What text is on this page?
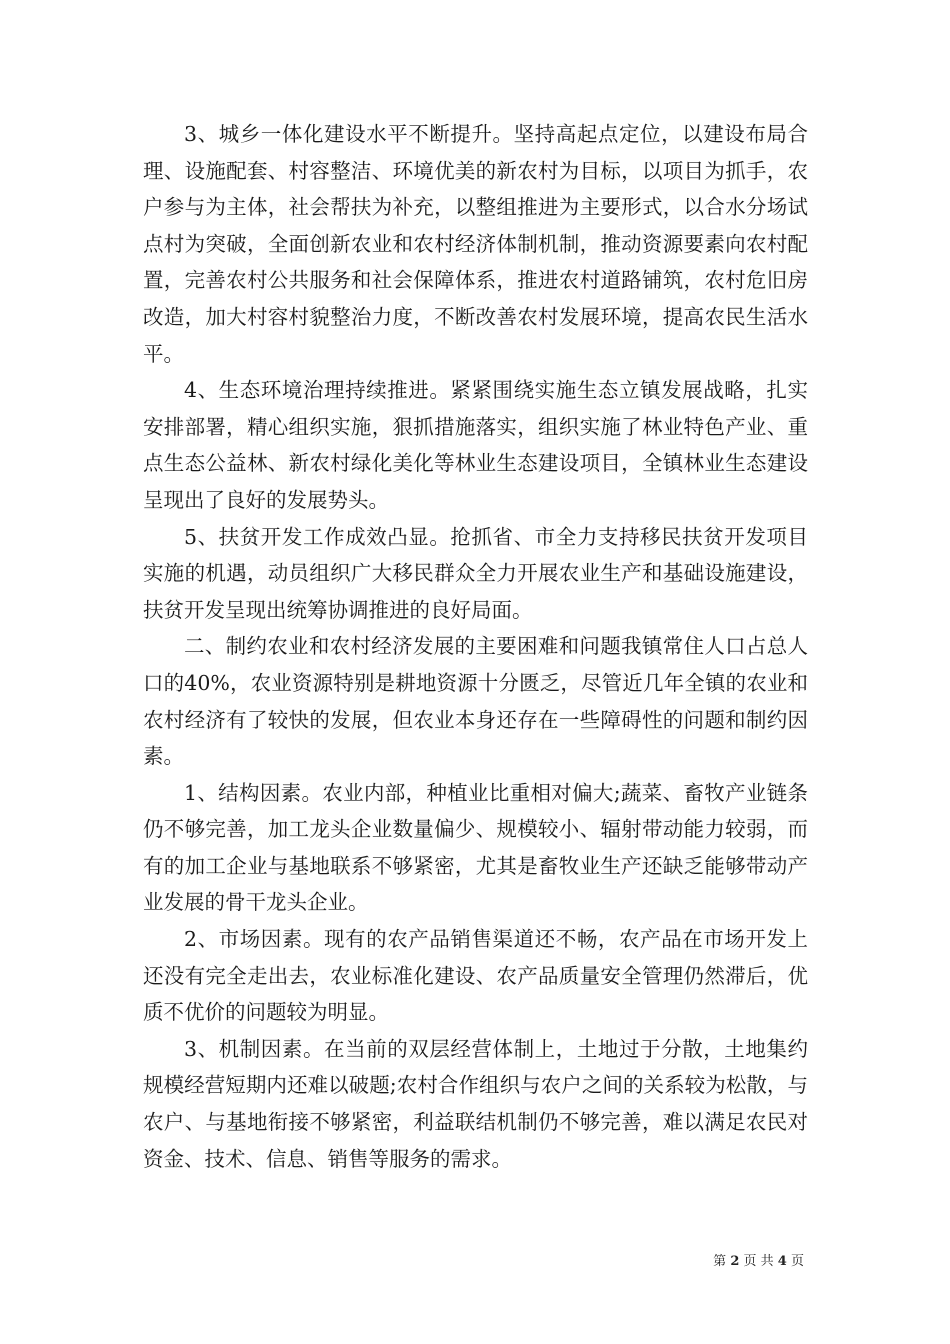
3、城乡一体化建设水平不断提升。坚持高起点定位，以建设布局合理、设施配套、村容整洁、环境优美的新农村为目标，以项目为抓手，农户参与为主体，社会帮扶为补充，以整组推进为主要形式，以合水分场试点村为突破，全面创新农业和农村经济体制机制，推动资源要素向农村配置，完善农村公共服务和社会保障体系，推进农村道路铺筑，农村危旧房改造，加大村容村貌整治力度，不断改善农村发展环境，提高农民生活水平。

4、生态环境治理持续推进。紧紧围绕实施生态立镇发展战略，扎实安排部署，精心组织实施，狠抓措施落实，组织实施了林业特色产业、重点生态公益林、新农村绿化美化等林业生态建设项目，全镇林业生态建设呈现出了良好的发展势头。

5、扶贫开发工作成效凸显。抢抓省、市全力支持移民扶贫开发项目实施的机遇，动员组织广大移民群众全力开展农业生产和基础设施建设，扶贫开发呈现出统筹协调推进的良好局面。

二、制约农业和农村经济发展的主要困难和问题我镇常住人口占总人口的40%，农业资源特别是耕地资源十分匮乏，尽管近几年全镇的农业和农村经济有了较快的发展，但农业本身还存在一些障碍性的问题和制约因素。

1、结构因素。农业内部，种植业比重相对偏大;蔬菜、畜牧产业链条仍不够完善，加工龙头企业数量偏少、规模较小、辐射带动能力较弱，而有的加工企业与基地联系不够紧密，尤其是畜牧业生产还缺乏能够带动产业发展的骨干龙头企业。

2、市场因素。现有的农产品销售渠道还不畅，农产品在市场开发上还没有完全走出去，农业标准化建设、农产品质量安全管理仍然滞后，优质不优价的问题较为明显。

3、机制因素。在当前的双层经营体制上，土地过于分散，土地集约规模经营短期内还难以破题;农村合作组织与农户之间的关系较为松散，与农户、与基地衔接不够紧密，利益联结机制仍不够完善，难以满足农民对资金、技术、信息、销售等服务的需求。

第 2 页 共 4 页
